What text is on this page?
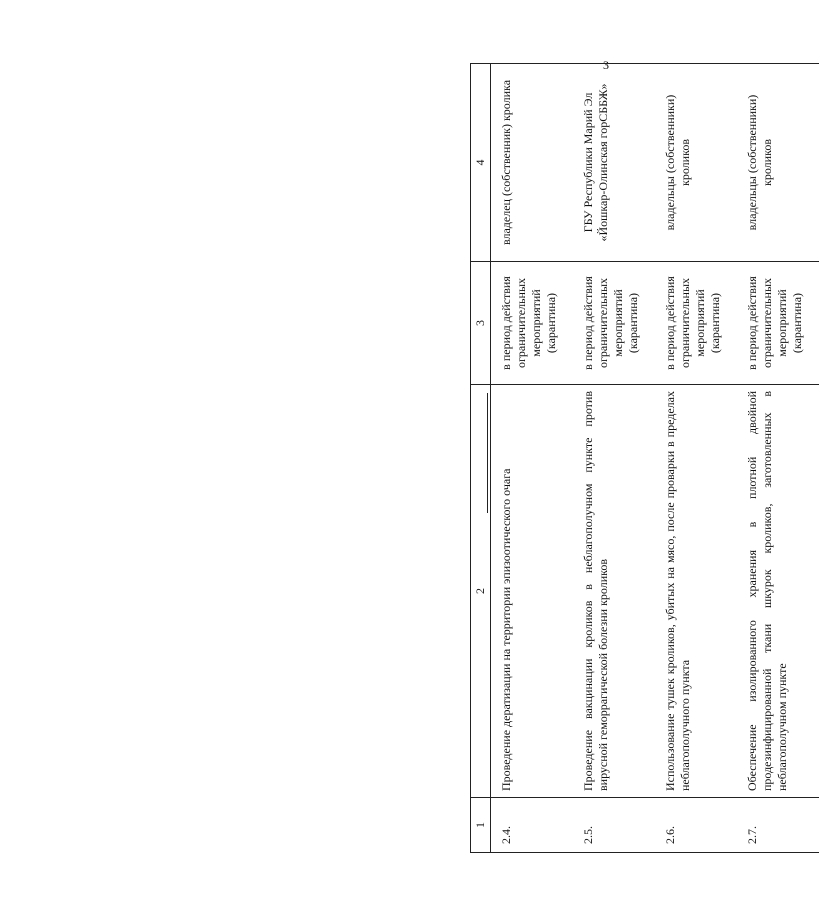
3
1	2	3	4
2.4.	Проведение дератизации на территории эпизоотического очага	в период действия ограничительных мероприятий (карантина)	владелец (собственник) кролика
2.5.	Проведение вакцинации кроликов в неблагополучном пункте против вирусной геморрагической болезни кроликов	в период действия ограничительных мероприятий (карантина)	ГБУ Республики Марий Эл «Йошкар-Олинская горСББЖ»
2.6.	Использование тушек кроликов, убитых на мясо, после проварки в пределах неблагополучного пункта	в период действия ограничительных мероприятий (карантина)	владельцы (собственники) кроликов
2.7.	Обеспечение изолированного хранения в плотной двойной продезинфицированной ткани шкурок кроликов, заготовленных в неблагополучном пункте	в период действия ограничительных мероприятий (карантина)	владельцы (собственники) кроликов
